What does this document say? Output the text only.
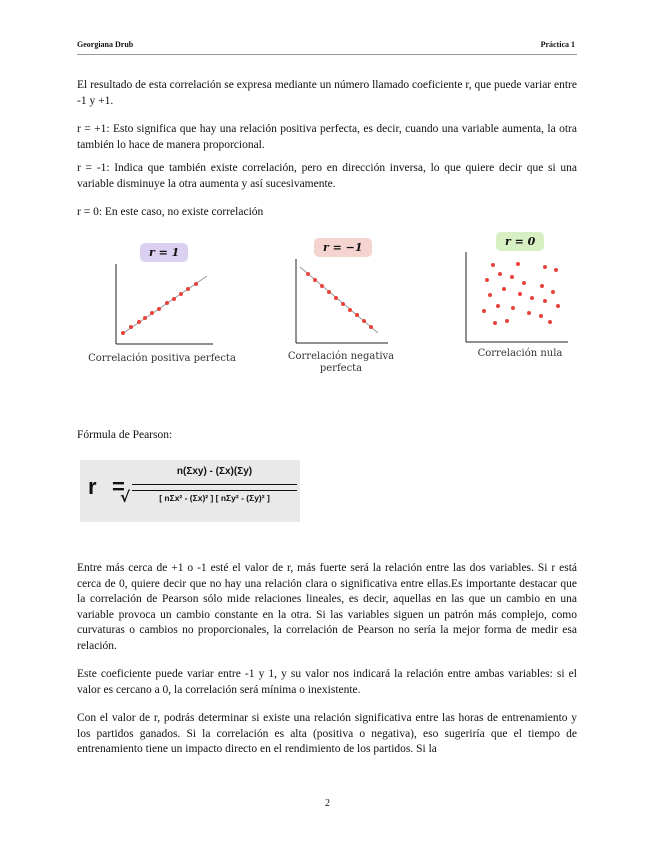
Georgiana Drub	Práctica 1

El resultado de esta correlación se expresa mediante un número llamado coeficiente r, que puede variar entre -1 y +1.

r = +1: Esto significa que hay una relación positiva perfecta, es decir, cuando una variable aumenta, la otra también lo hace de manera proporcional.

r = -1: Indica que también existe correlación, pero en dirección inversa, lo que quiere decir que si una variable disminuye la otra aumenta y así sucesivamente.

r = 0: En este caso, no existe correlación

r = 1
Correlación positiva perfecta
r = −1
Correlación negativa perfecta
r = 0
Correlación nula

Fórmula de Pearson:

r =
n(Σxy) - (Σx)(Σy)
√	[ nΣx² - (Σx)² ] [ nΣy² - (Σy)² ]

Entre más cerca de +1 o -1 esté el valor de r, más fuerte será la relación entre las dos variables. Si r está cerca de 0, quiere decir que no hay una relación clara o significativa entre ellas.Es importante destacar que la correlación de Pearson sólo mide relaciones lineales, es decir, aquellas en las que un cambio en una variable provoca un cambio constante en la otra. Si las variables siguen un patrón más complejo, como curvaturas o cambios no proporcionales, la correlación de Pearson no sería la mejor forma de medir esa relación.

Este coeficiente puede variar entre -1 y 1, y su valor nos indicará la relación entre ambas variables: si el valor es cercano a 0, la correlación será mínima o inexistente.

Con el valor de r, podrás determinar si existe una relación significativa entre las horas de entrenamiento y los partidos ganados. Si la correlación es alta (positiva o negativa), eso sugeriría que el tiempo de entrenamiento tiene un impacto directo en el rendimiento de los partidos. Si la

2
